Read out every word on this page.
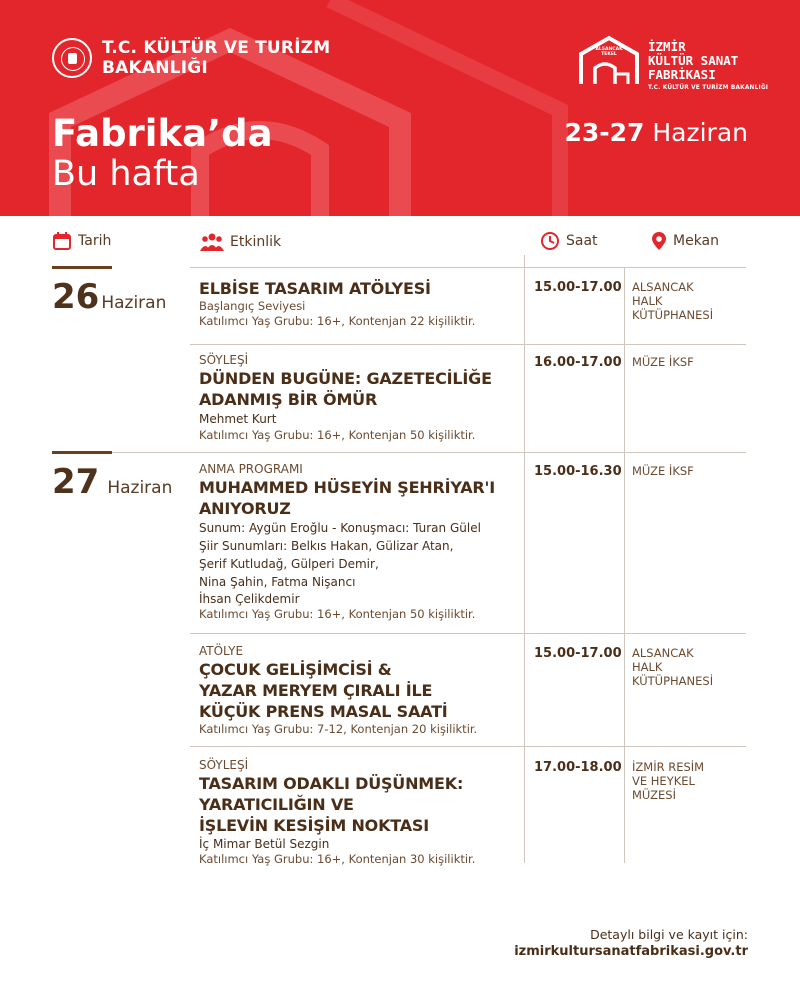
T.C. KÜLTÜR VE TURİZM
BAKANLIĞI
ALSANCAK
TEKEL
İZMİR
KÜLTÜR SANAT
FABRİKASI
T.C. KÜLTÜR VE TURİZM BAKANLIĞI
Fabrika’da
Bu hafta
23-27 Haziran
Tarih	Etkinlik	Saat	Mekan
26 Haziran
ELBİSE TASARIM ATÖLYESİ
Başlangıç Seviyesi
Katılımcı Yaş Grubu: 16+, Kontenjan 22 kişiliktir.
15.00-17.00 ALSANCAK
HALK
KÜTÜPHANESİ
SÖYLEŞİ
DÜNDEN BUGÜNE: GAZETECİLİĞE
ADANMIŞ BİR ÖMÜR
Mehmet Kurt
Katılımcı Yaş Grubu: 16+, Kontenjan 50 kişiliktir.
16.00-17.00 MÜZE İKSF
27 Haziran
ANMA PROGRAMI
MUHAMMED HÜSEYİN ŞEHRİYAR'I
ANIYORUZ
Sunum: Aygün Eroğlu - Konuşmacı: Turan Gülel
Şiir Sunumları: Belkıs Hakan, Gülizar Atan,
Şerif Kutludağ, Gülperi Demir,
Nina Şahin, Fatma Nişancı
İhsan Çelikdemir
Katılımcı Yaş Grubu: 16+, Kontenjan 50 kişiliktir.
15.00-16.30 MÜZE İKSF
ATÖLYE
ÇOCUK GELİŞİMCİSİ &
YAZAR MERYEM ÇIRALI İLE
KÜÇÜK PRENS MASAL SAATİ
Katılımcı Yaş Grubu: 7-12, Kontenjan 20 kişiliktir.
15.00-17.00 ALSANCAK
HALK
KÜTÜPHANESİ
SÖYLEŞİ
TASARIM ODAKLI DÜŞÜNMEK:
YARATICILIĞIN VE
İŞLEVİN KESİŞİM NOKTASI
İç Mimar Betül Sezgin
Katılımcı Yaş Grubu: 16+, Kontenjan 30 kişiliktir.
17.00-18.00 İZMİR RESİM
VE HEYKEL
MÜZESİ
Detaylı bilgi ve kayıt için:
izmirkultursanatfabrikasi.gov.tr
